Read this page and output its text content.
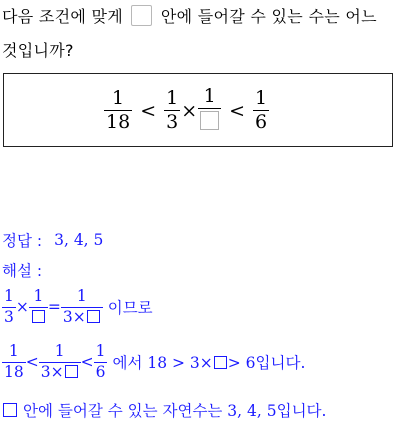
다음 조건에 맞게 안에 들어갈 수 있는 수는 어느
것입니까?
$\frac{1}{18} < \frac{1}{3}$ ×
1
< $\frac{1}{6}$
정답 : 3, 4, 5
해설 :
$\frac{1}{3}$ ×
1
= $\frac{1}{3\times}$ 이므로
$\frac{1}{18} < \frac{1}{3\times} < \frac{1}{6}$ 에서 18 > 3× > 6입니다.
안에 들어갈 수 있는 자연수는 3, 4, 5입니다.
